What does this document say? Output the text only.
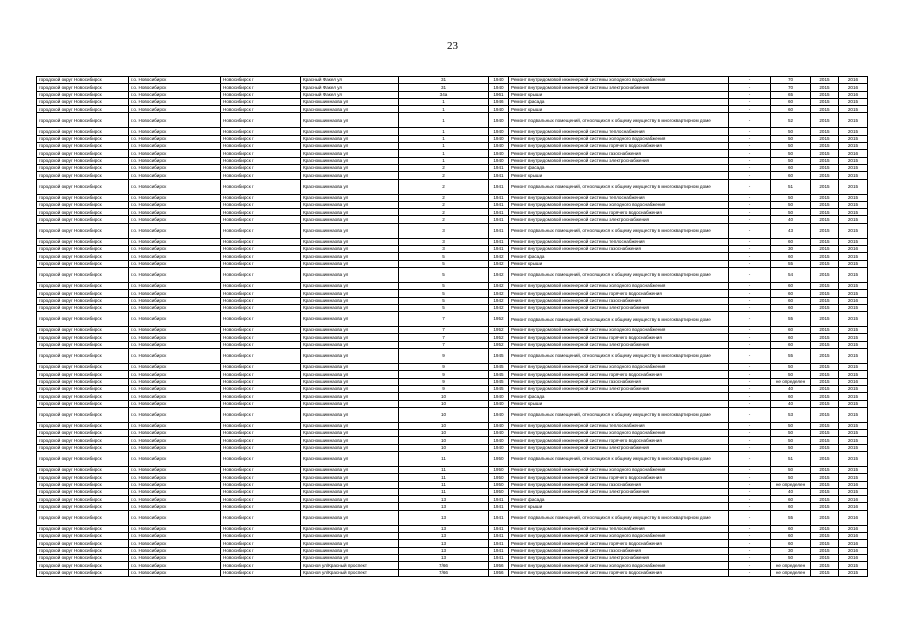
23
городской округ Новосибирск	г.о. Новосибирск	Новосибирск г	Красный Факел ул	31	1940	Ремонт внутридомовой инженерной системы холодного водоснабжения	-	70	2015	2016
городской округ Новосибирск	г.о. Новосибирск	Новосибирск г	Красный Факел ул	31	1940	Ремонт внутридомовой инженерной системы электроснабжения	-	70	2015	2016
городской округ Новосибирск	г.о. Новосибирск	Новосибирск г	Красный Факел ул	34а	1961	Ремонт крыши	-	65	2015	2016
городской округ Новосибирск	г.о. Новосибирск	Новосибирск г	Краснокшимнаова ул	1	1946	Ремонт фасада	-	60	2015	2015
городской округ Новосибирск	г.о. Новосибирск	Новосибирск г	Краснокшимнаова ул	1	1940	Ремонт крыши	-	60	2015	2015
городской округ Новосибирск	г.о. Новосибирск	Новосибирск г	Краснокшимнаова ул	1	1940	Ремонт подвальных помещений, относящихся к общему имуществу в многоквартирном доме	-	52	2015	2015
городской округ Новосибирск	г.о. Новосибирск	Новосибирск г	Краснокшимнаова ул	1	1940	Ремонт внутридомовой инженерной системы теплоснабжения	-	50	2015	2015
городской округ Новосибирск	г.о. Новосибирск	Новосибирск г	Краснокшимнаова ул	1	1940	Ремонт внутридомовой инженерной системы холодного водоснабжения	-	50	2015	2015
городской округ Новосибирск	г.о. Новосибирск	Новосибирск г	Краснокшимнаова ул	1	1940	Ремонт внутридомовой инженерной системы горячего водоснабжения	-	50	2015	2015
городской округ Новосибирск	г.о. Новосибирск	Новосибирск г	Краснокшимнаова ул	1	1940	Ремонт внутридомовой инженерной системы газоснабжения	-	50	2015	2016
городской округ Новосибирск	г.о. Новосибирск	Новосибирск г	Краснокшимнаова ул	1	1940	Ремонт внутридомовой инженерной системы электроснабжения	-	50	2015	2015
городской округ Новосибирск	г.о. Новосибирск	Новосибирск г	Краснокшимнаова ул	2	1941	Ремонт фасада	-	60	2015	2015
городской округ Новосибирск	г.о. Новосибирск	Новосибирск г	Краснокшимнаова ул	2	1941	Ремонт крыши	-	60	2015	2015
городской округ Новосибирск	г.о. Новосибирск	Новосибирск г	Краснокшимнаова ул	2	1941	Ремонт подвальных помещений, относящихся к общему имуществу в многоквартирном доме	-	51	2015	2015
городской округ Новосибирск	г.о. Новосибирск	Новосибирск г	Краснокшимнаова ул	2	1941	Ремонт внутридомовой инженерной системы теплоснабжения	-	50	2015	2015
городской округ Новосибирск	г.о. Новосибирск	Новосибирск г	Краснокшимнаова ул	2	1941	Ремонт внутридомовой инженерной системы холодного водоснабжения	-	50	2015	2015
городской округ Новосибирск	г.о. Новосибирск	Новосибирск г	Краснокшимнаова ул	2	1941	Ремонт внутридомовой инженерной системы горячего водоснабжения	-	50	2015	2015
городской округ Новосибирск	г.о. Новосибирск	Новосибирск г	Краснокшимнаова ул	2	1941	Ремонт внутридомовой инженерной системы электроснабжения	-	40	2015	2015
городской округ Новосибирск	г.о. Новосибирск	Новосибирск г	Краснокшимнаова ул	3	1941	Ремонт подвальных помещений, относящихся к общему имуществу в многоквартирном доме	-	43	2015	2015
городской округ Новосибирск	г.о. Новосибирск	Новосибирск г	Краснокшимнаова ул	3	1941	Ремонт внутридомовой инженерной системы теплоснабжения	-	60	2015	2015
городской округ Новосибирск	г.о. Новосибирск	Новосибирск г	Краснокшимнаова ул	3	1941	Ремонт внутридомовой инженерной системы газоснабжения	-	30	2015	2016
городской округ Новосибирск	г.о. Новосибирск	Новосибирск г	Краснокшимнаова ул	5	1942	Ремонт фасада	-	60	2015	2015
городской округ Новосибирск	г.о. Новосибирск	Новосибирск г	Краснокшимнаова ул	5	1942	Ремонт крыши	-	55	2015	2015
городской округ Новосибирск	г.о. Новосибирск	Новосибирск г	Краснокшимнаова ул	5	1942	Ремонт подвальных помещений, относящихся к общему имуществу в многоквартирном доме	-	54	2015	2015
городской округ Новосибирск	г.о. Новосибирск	Новосибирск г	Краснокшимнаова ул	5	1942	Ремонт внутридомовой инженерной системы холодного водоснабжения	-	60	2015	2015
городской округ Новосибирск	г.о. Новосибирск	Новосибирск г	Краснокшимнаова ул	5	1942	Ремонт внутридомовой инженерной системы горячего водоснабжения	-	60	2015	2015
городской округ Новосибирск	г.о. Новосибирск	Новосибирск г	Краснокшимнаова ул	5	1942	Ремонт внутридомовой инженерной системы газоснабжения	-	60	2015	2016
городской округ Новосибирск	г.о. Новосибирск	Новосибирск г	Краснокшимнаова ул	5	1942	Ремонт внутридомовой инженерной системы электроснабжения	-	60	2015	2015
городской округ Новосибирск	г.о. Новосибирск	Новосибирск г	Краснокшимнаова ул	7	1952	Ремонт подвальных помещений, относящихся к общему имуществу в многоквартирном доме	-	55	2015	2015
городской округ Новосибирск	г.о. Новосибирск	Новосибирск г	Краснокшимнаова ул	7	1952	Ремонт внутридомовой инженерной системы холодного водоснабжения	-	60	2015	2015
городской округ Новосибирск	г.о. Новосибирск	Новосибирск г	Краснокшимнаова ул	7	1952	Ремонт внутридомовой инженерной системы горячего водоснабжения	-	60	2015	2015
городской округ Новосибирск	г.о. Новосибирск	Новосибирск г	Краснокшимнаова ул	7	1952	Ремонт внутридомовой инженерной системы электроснабжения	-	60	2015	2015
городской округ Новосибирск	г.о. Новосибирск	Новосибирск г	Краснокшимнаова ул	9	1945	Ремонт подвальных помещений, относящихся к общему имуществу в многоквартирном доме	-	55	2015	2015
городской округ Новосибирск	г.о. Новосибирск	Новосибирск г	Краснокшимнаова ул	9	1945	Ремонт внутридомовой инженерной системы холодного водоснабжения	-	50	2015	2015
городской округ Новосибирск	г.о. Новосибирск	Новосибирск г	Краснокшимнаова ул	9	1945	Ремонт внутридомовой инженерной системы горячего водоснабжения	-	50	2015	2015
городской округ Новосибирск	г.о. Новосибирск	Новосибирск г	Краснокшимнаова ул	9	1945	Ремонт внутридомовой инженерной системы газоснабжения	-	не определен	2015	2016
городской округ Новосибирск	г.о. Новосибирск	Новосибирск г	Краснокшимнаова ул	9	1945	Ремонт внутридомовой инженерной системы электроснабжения	-	40	2015	2015
городской округ Новосибирск	г.о. Новосибирск	Новосибирск г	Краснокшимнаова ул	10	1940	Ремонт фасада	-	60	2015	2015
городской округ Новосибирск	г.о. Новосибирск	Новосибирск г	Краснокшимнаова ул	10	1940	Ремонт крыши	-	40	2015	2015
городской округ Новосибирск	г.о. Новосибирск	Новосибирск г	Краснокшимнаова ул	10	1940	Ремонт подвальных помещений, относящихся к общему имуществу в многоквартирном доме	-	53	2015	2015
городской округ Новосибирск	г.о. Новосибирск	Новосибирск г	Краснокшимнаова ул	10	1940	Ремонт внутридомовой инженерной системы теплоснабжения	-	50	2015	2015
городской округ Новосибирск	г.о. Новосибирск	Новосибирск г	Краснокшимнаова ул	10	1940	Ремонт внутридомовой инженерной системы холодного водоснабжения	-	50	2015	2015
городской округ Новосибирск	г.о. Новосибирск	Новосибирск г	Краснокшимнаова ул	10	1940	Ремонт внутридомовой инженерной системы горячего водоснабжения	-	50	2015	2015
городской округ Новосибирск	г.о. Новосибирск	Новосибирск г	Краснокшимнаова ул	10	1940	Ремонт внутридомовой инженерной системы электроснабжения	-	50	2015	2015
городской округ Новосибирск	г.о. Новосибирск	Новосибирск г	Краснокшимнаова ул	11	1950	Ремонт подвальных помещений, относящихся к общему имуществу в многоквартирном доме	-	51	2015	2015
городской округ Новосибирск	г.о. Новосибирск	Новосибирск г	Краснокшимнаова ул	11	1950	Ремонт внутридомовой инженерной системы холодного водоснабжения	-	50	2015	2015
городской округ Новосибирск	г.о. Новосибирск	Новосибирск г	Краснокшимнаова ул	11	1950	Ремонт внутридомовой инженерной системы горячего водоснабжения	-	50	2015	2015
городской округ Новосибирск	г.о. Новосибирск	Новосибирск г	Краснокшимнаова ул	11	1950	Ремонт внутридомовой инженерной системы газоснабжения	-	не определен	2015	2016
городской округ Новосибирск	г.о. Новосибирск	Новосибирск г	Краснокшимнаова ул	11	1950	Ремонт внутридомовой инженерной системы электроснабжения	-	40	2015	2015
городской округ Новосибирск	г.о. Новосибирск	Новосибирск г	Краснокшимнаова ул	13	1941	Ремонт фасада	-	60	2015	2016
городской округ Новосибирск	г.о. Новосибирск	Новосибирск г	Краснокшимнаова ул	13	1941	Ремонт крыши	-	60	2015	2016
городской округ Новосибирск	г.о. Новосибирск	Новосибирск г	Краснокшимнаова ул	13	1941	Ремонт подвальных помещений, относящихся к общему имуществу в многоквартирном доме	-	55	2015	2016
городской округ Новосибирск	г.о. Новосибирск	Новосибирск г	Краснокшимнаова ул	13	1941	Ремонт внутридомовой инженерной системы теплоснабжения	-	60	2015	2016
городской округ Новосибирск	г.о. Новосибирск	Новосибирск г	Краснокшимнаова ул	13	1941	Ремонт внутридомовой инженерной системы холодного водоснабжения	-	60	2015	2016
городской округ Новосибирск	г.о. Новосибирск	Новосибирск г	Краснокшимнаова ул	13	1941	Ремонт внутридомовой инженерной системы горячего водоснабжения	-	60	2015	2016
городской округ Новосибирск	г.о. Новосибирск	Новосибирск г	Краснокшимнаова ул	13	1941	Ремонт внутридомовой инженерной системы газоснабжения	-	30	2015	2016
городской округ Новосибирск	г.о. Новосибирск	Новосибирск г	Краснокшимнаова ул	13	1941	Ремонт внутридомовой инженерной системы электроснабжения	-	50	2015	2016
городской округ Новосибирск	г.о. Новосибирск	Новосибирск г	Красноя ул/Красный проспект	7/66	1956	Ремонт внутридомовой инженерной системы холодного водоснабжения	-	не определен	2015	2015
городской округ Новосибирск	г.о. Новосибирск	Новосибирск г	Красноя ул/Красный проспект	7/66	1956	Ремонт внутридомовой инженерной системы горячего водоснабжения	-	не определен	2015	2015
